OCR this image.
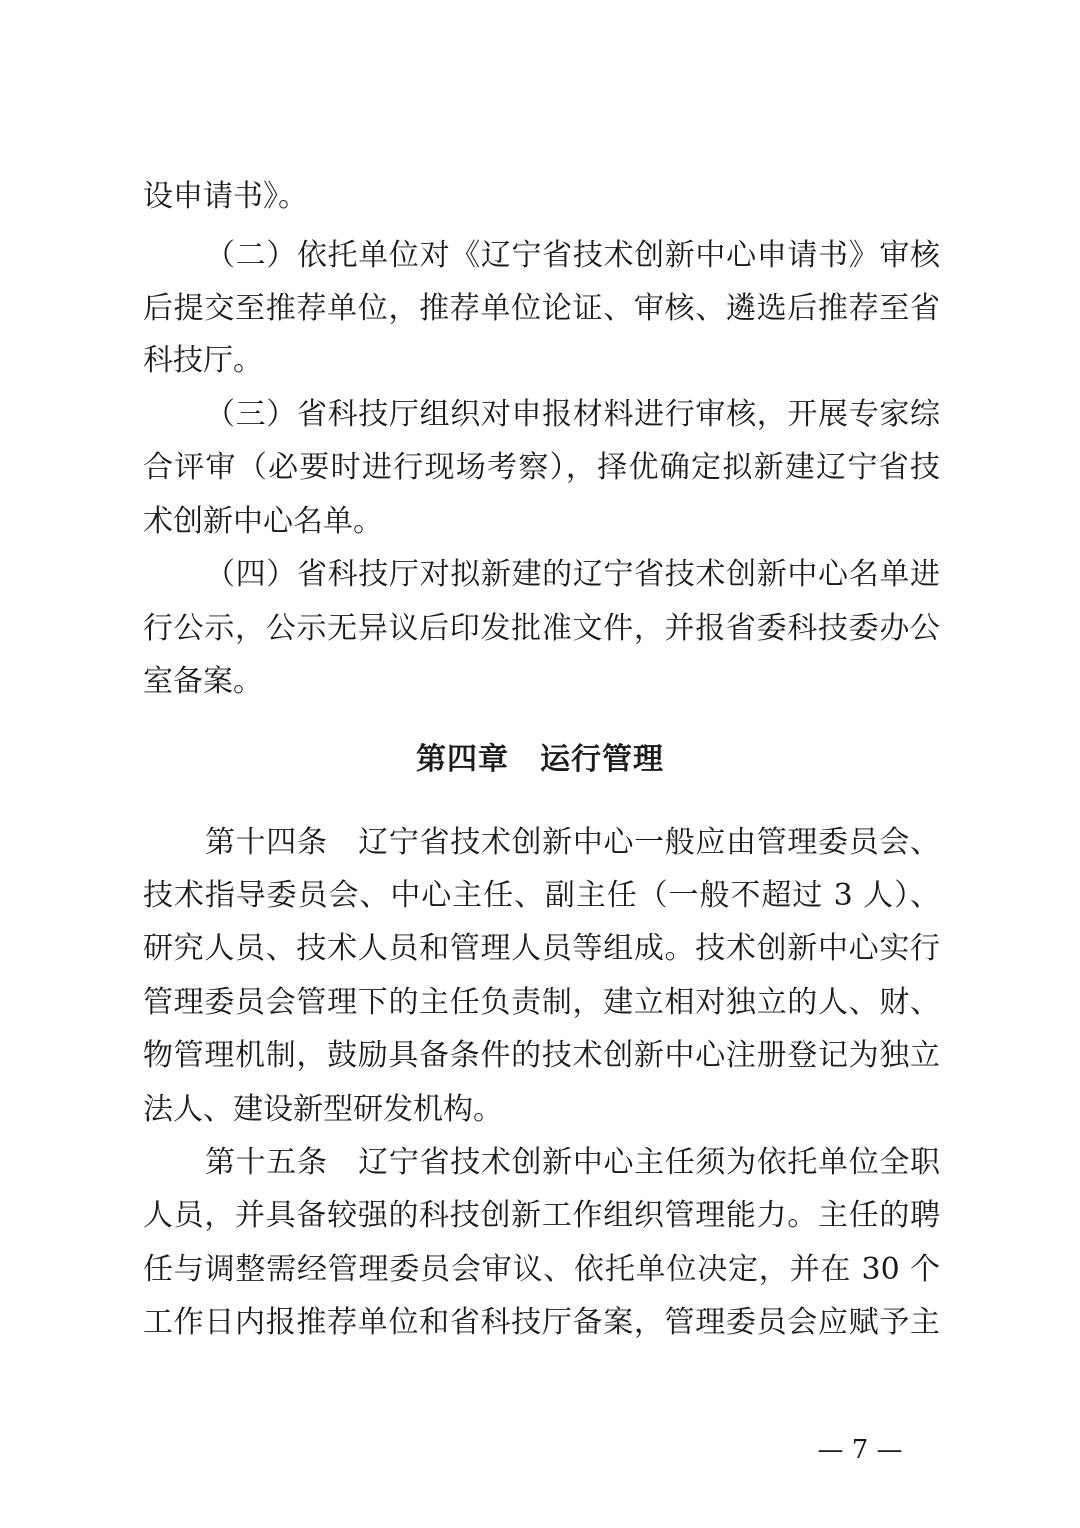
设申请书》。
（二）依托单位对《辽宁省技术创新中心申请书》审核
后提交至推荐单位，推荐单位论证、审核、遴选后推荐至省
科技厅。
（三）省科技厅组织对申报材料进行审核，开展专家综
合评审（必要时进行现场考察），择优确定拟新建辽宁省技
术创新中心名单。
（四）省科技厅对拟新建的辽宁省技术创新中心名单进
行公示，公示无异议后印发批准文件，并报省委科技委办公
室备案。
第四章　运行管理
第十四条　辽宁省技术创新中心一般应由管理委员会、
技术指导委员会、中心主任、副主任（一般不超过 3 人）、
研究人员、技术人员和管理人员等组成。技术创新中心实行
管理委员会管理下的主任负责制，建立相对独立的人、财、
物管理机制，鼓励具备条件的技术创新中心注册登记为独立
法人、建设新型研发机构。
第十五条　辽宁省技术创新中心主任须为依托单位全职
人员，并具备较强的科技创新工作组织管理能力。主任的聘
任与调整需经管理委员会审议、依托单位决定，并在 30 个
工作日内报推荐单位和省科技厅备案，管理委员会应赋予主
— 7 —
